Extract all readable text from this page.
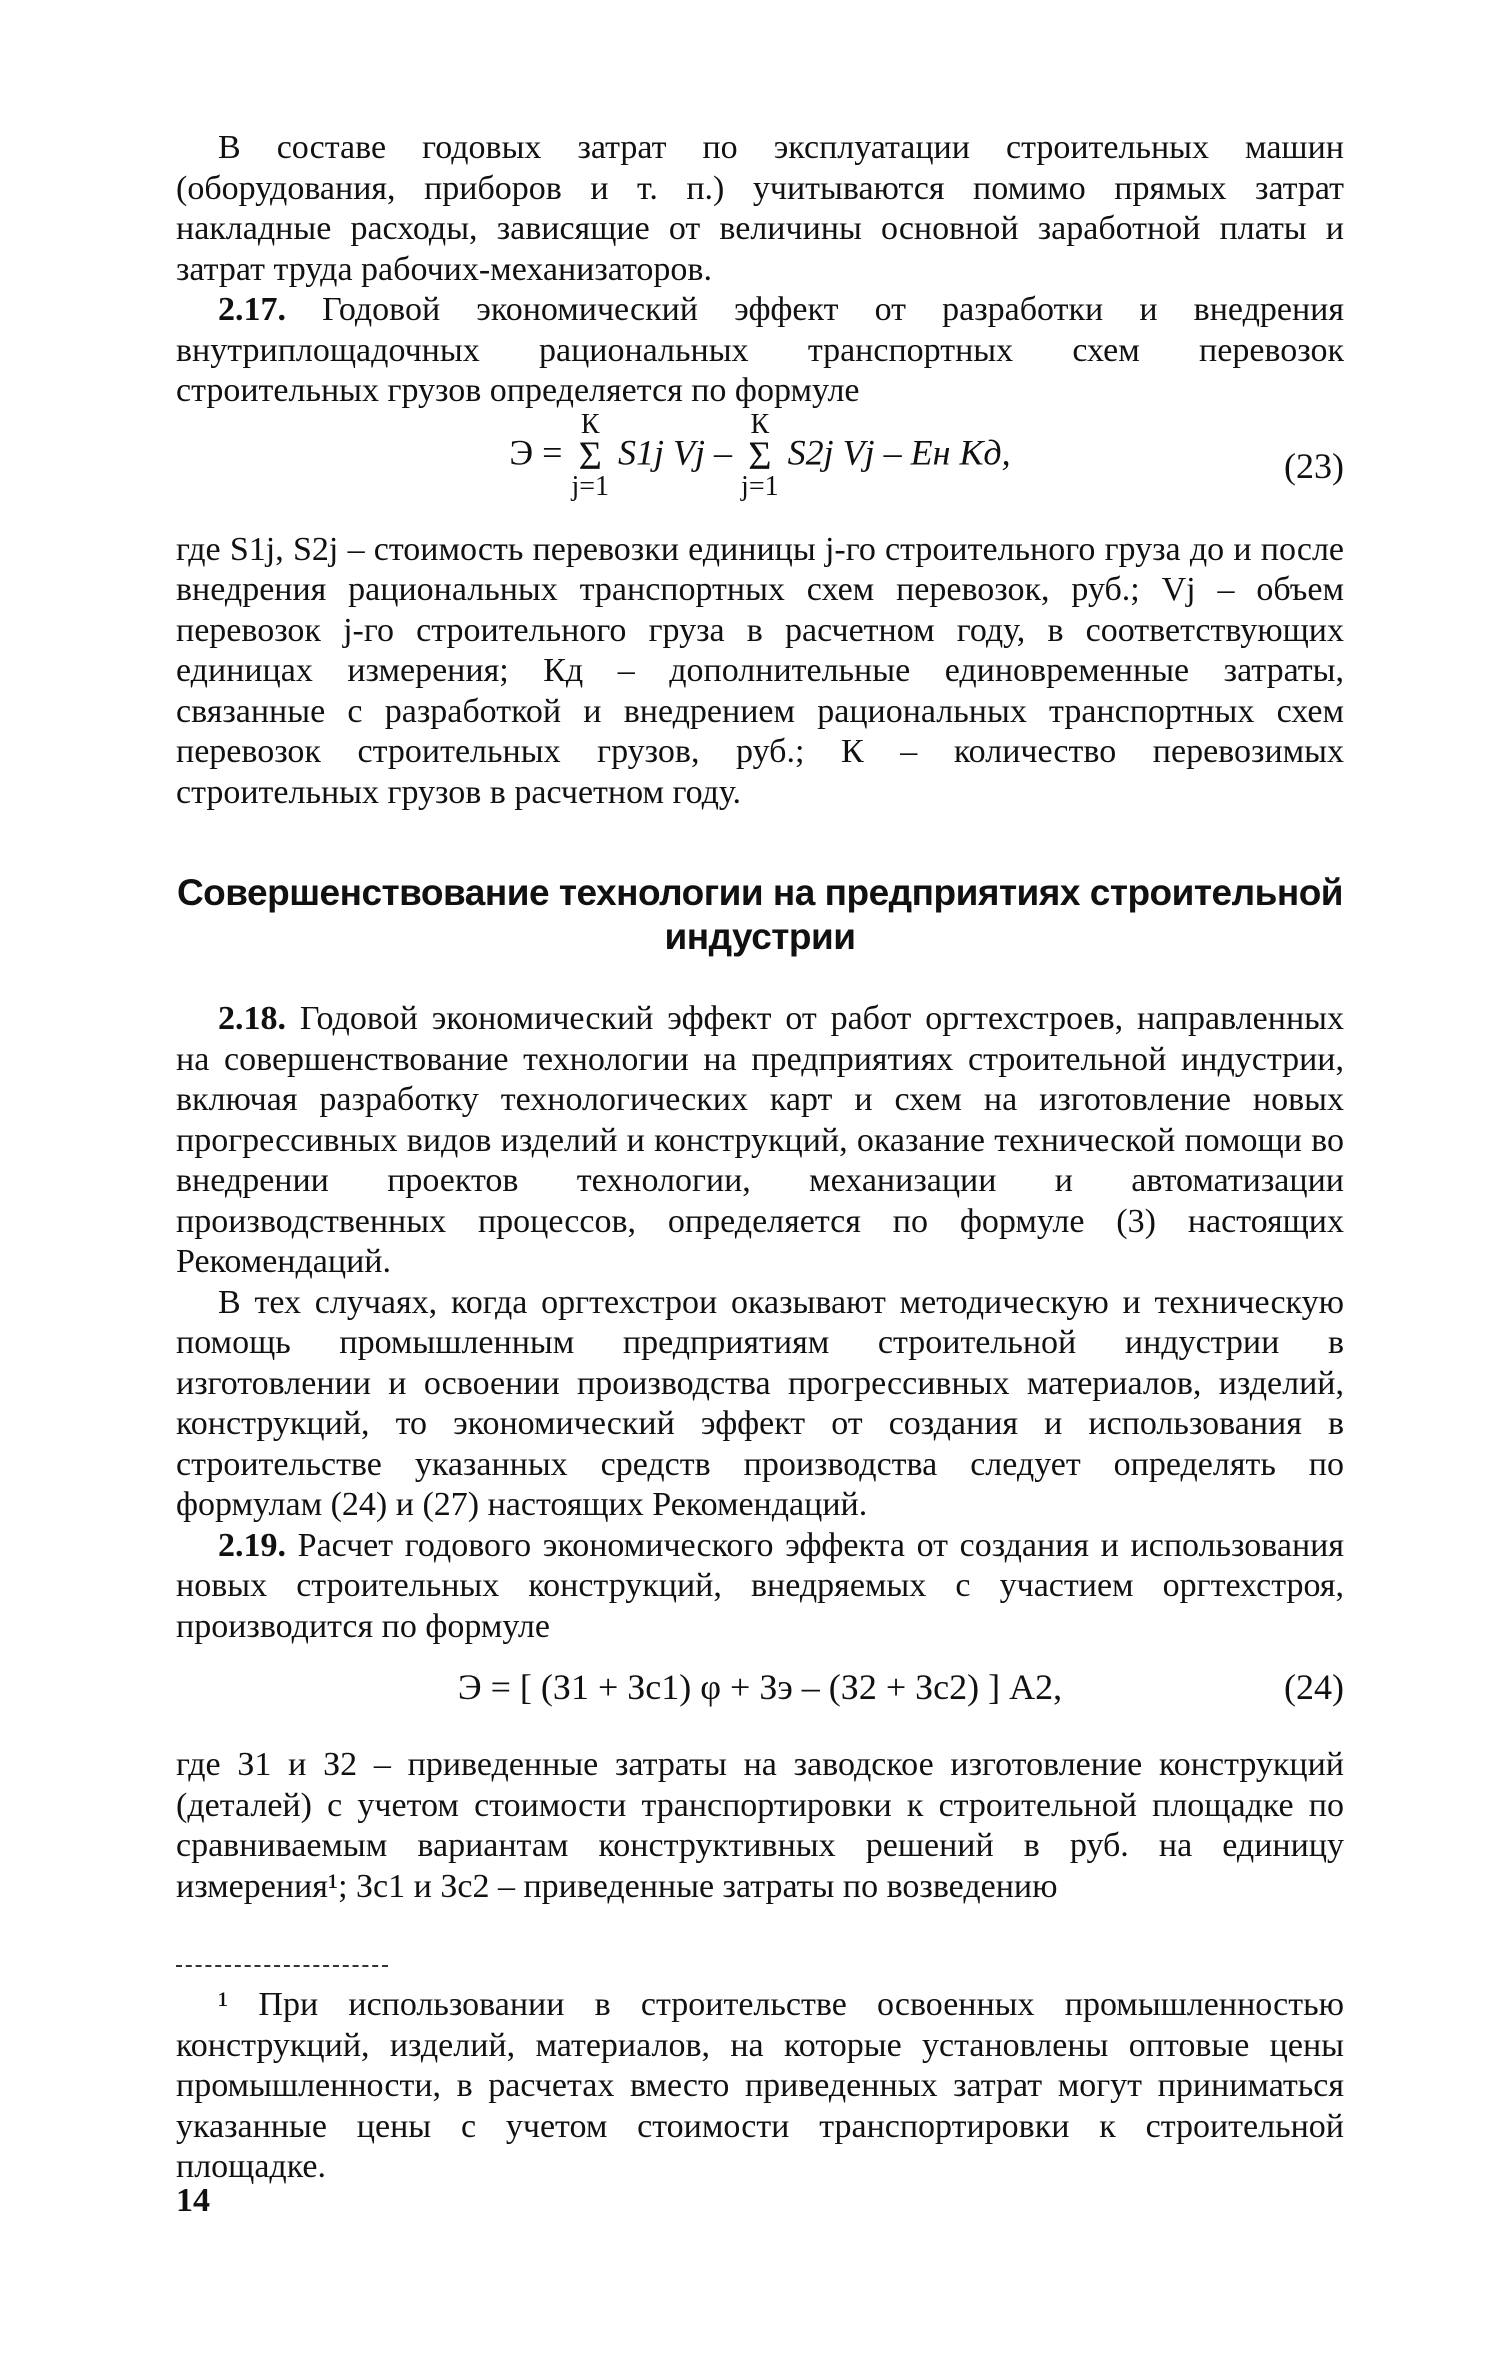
В составе годовых затрат по эксплуатации строительных машин (оборудования, приборов и т. п.) учитываются помимо прямых затрат накладные расходы, зависящие от величины основной заработной платы и затрат труда рабочих-механизаторов.

2.17. Годовой экономический эффект от разработки и внедрения внутриплощадочных рациональных транспортных схем перевозок строительных грузов определяется по формуле

Э =
К
Σ
j=1
S1j Vj –
К
Σ
j=1
S2j Vj – Ен Кд,	(23)

где S1j, S2j – стоимость перевозки единицы j-го строительного груза до и после внедрения рациональных транспортных схем перевозок, руб.; Vj – объем перевозок j-го строительного груза в расчетном году, в соответствующих единицах измерения; Кд – дополнительные единовременные затраты, связанные с разработкой и внедрением рациональных транспортных схем перевозок строительных грузов, руб.; К – количество перевозимых строительных грузов в расчетном году.

Совершенствование технологии на предприятиях строительной индустрии

2.18. Годовой экономический эффект от работ оргтехстроев, направленных на совершенствование технологии на предприятиях строительной индустрии, включая разработку технологических карт и схем на изготовление новых прогрессивных видов изделий и конструкций, оказание технической помощи во внедрении проектов технологии, механизации и автоматизации производственных процессов, определяется по формуле (3) настоящих Рекомендаций.

В тех случаях, когда оргтехстрои оказывают методическую и техническую помощь промышленным предприятиям строительной индустрии в изготовлении и освоении производства прогрессивных материалов, изделий, конструкций, то экономический эффект от создания и использования в строительстве указанных средств производства следует определять по формулам (24) и (27) настоящих Рекомендаций.

2.19. Расчет годового экономического эффекта от создания и использования новых строительных конструкций, внедряемых с участием оргтехстроя, производится по формуле

Э = [ (З1 + Зс1) φ + Зэ – (З2 + Зс2) ] А2,	(24)

где З1 и З2 – приведенные затраты на заводское изготовление конструкций (деталей) с учетом стоимости транспортировки к строительной площадке по сравниваемым вариантам конструктивных решений в руб. на единицу измерения¹; Зс1 и Зс2 – приведенные затраты по возведению

¹ При использовании в строительстве освоенных промышленностью конструкций, изделий, материалов, на которые установлены оптовые цены промышленности, в расчетах вместо приведенных затрат могут приниматься указанные цены с учетом стоимости транспортировки к строительной площадке.

14
